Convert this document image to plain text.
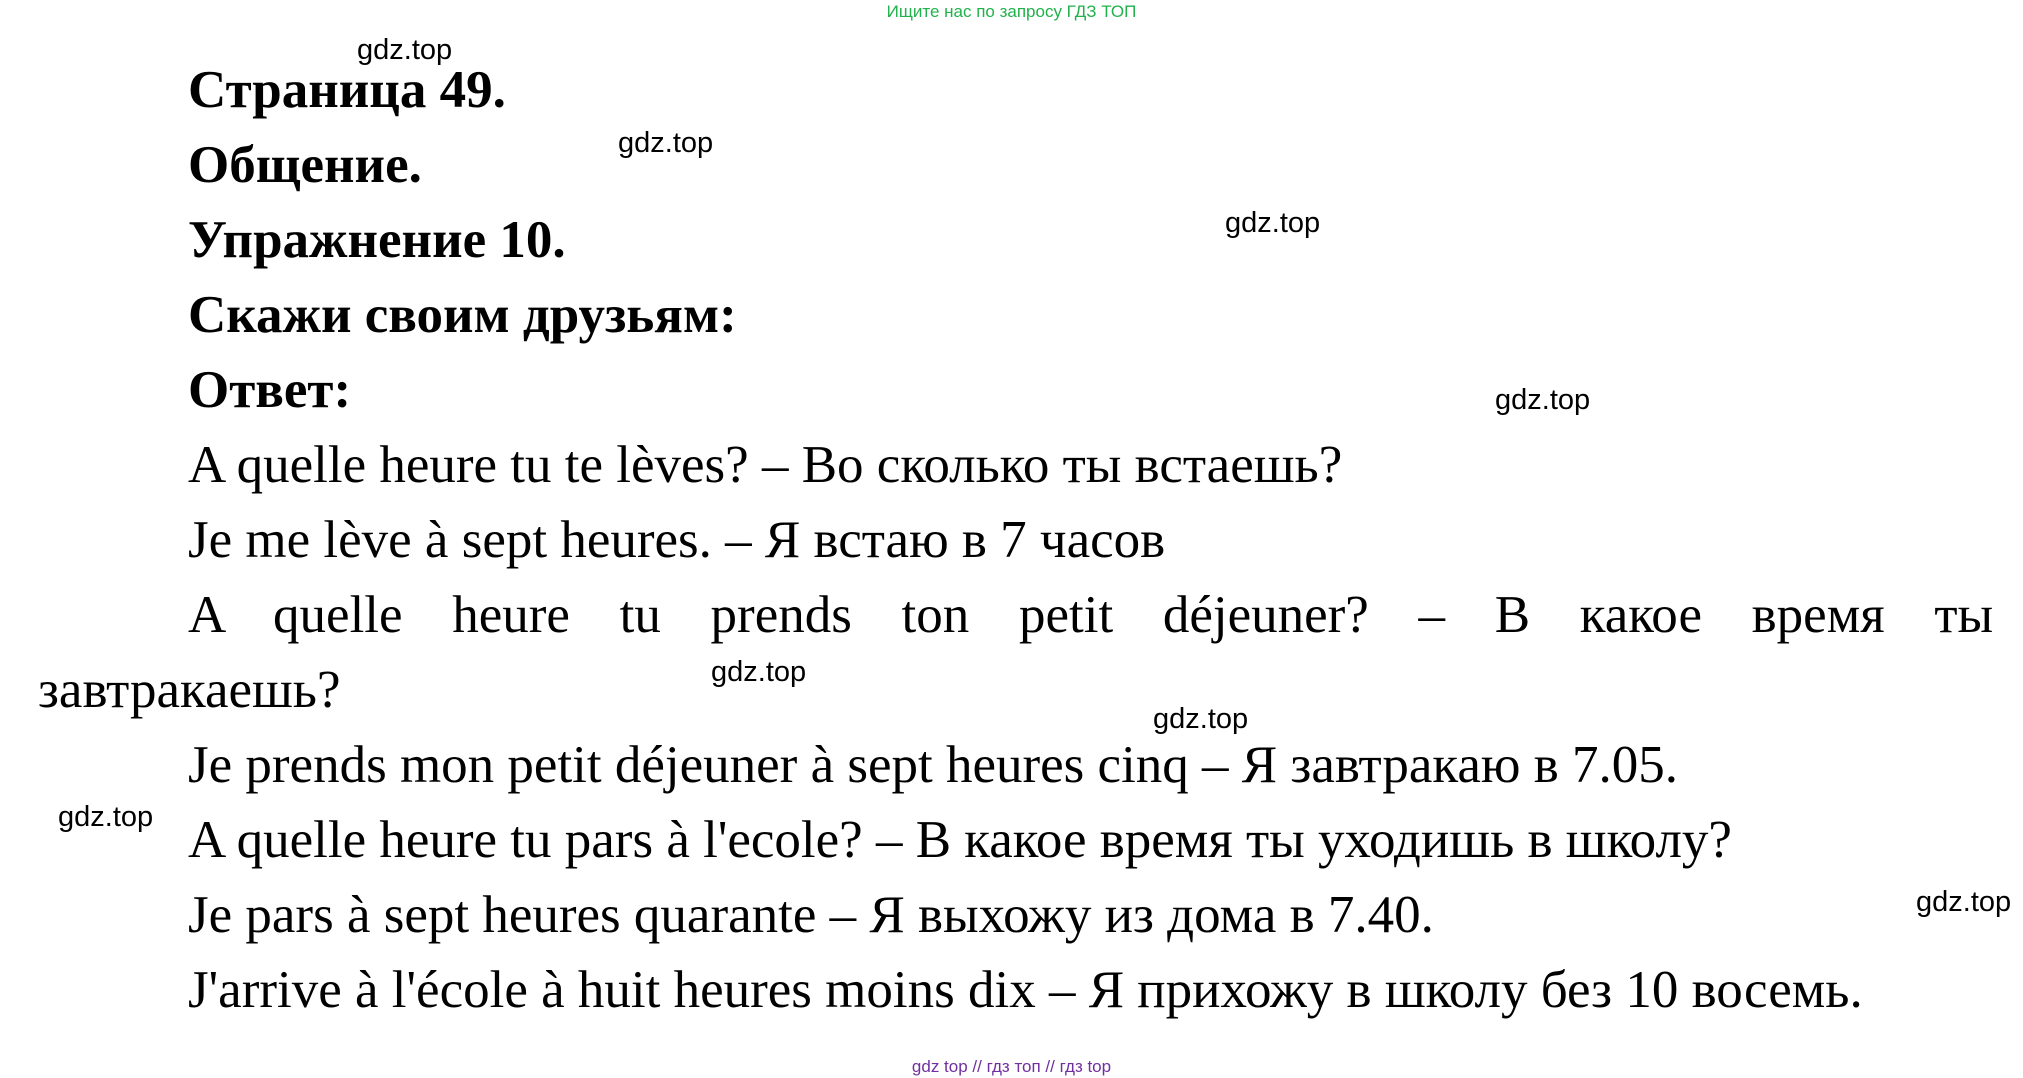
Ищите нас по запросу ГДЗ ТОП
gdz.top
gdz.top
gdz.top
gdz.top
gdz.top
gdz.top
gdz.top
gdz.top
Страница 49.
Общение.
Упражнение 10.
Скажи своим друзьям:
Ответ:
A quelle heure tu te lèves? – Во сколько ты встаешь?
Je me lève à sept heures. – Я встаю в 7 часов
A quelle heure tu prends ton petit déjeuner? – В какое время ты
завтракаешь?
Je prends mon petit déjeuner à sept heures cinq – Я завтракаю в 7.05.
A quelle heure tu pars à l'ecole? – В какое время ты уходишь в школу?
Je pars à sept heures quarante – Я выхожу из дома в 7.40.
J'arrive à l'école à huit heures moins dix – Я прихожу в школу без 10 восемь.
gdz top // гдз топ // гдз top
